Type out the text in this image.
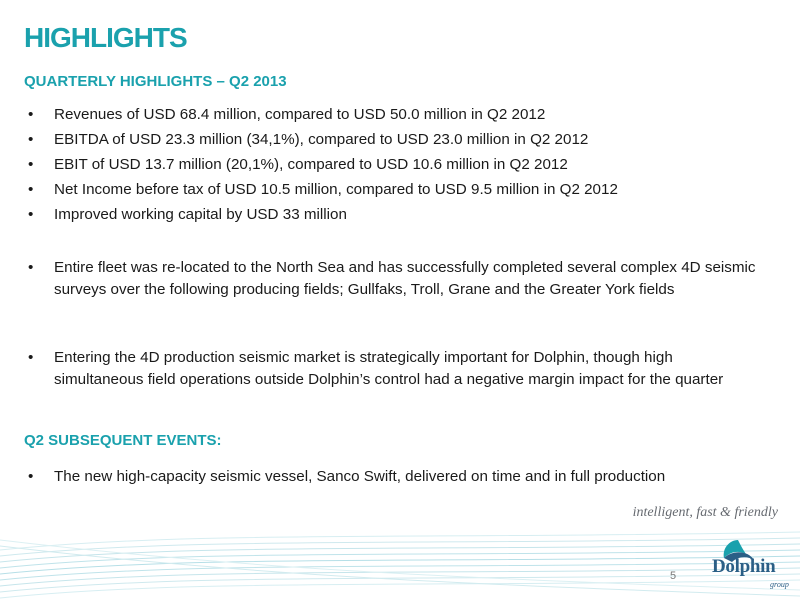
HIGHLIGHTS
QUARTERLY HIGHLIGHTS – Q2 2013
• Revenues of USD 68.4 million, compared to USD 50.0 million in Q2 2012
• EBITDA of USD 23.3 million (34,1%), compared to USD 23.0 million in Q2 2012
• EBIT of USD 13.7 million (20,1%), compared to USD 10.6 million in Q2 2012
• Net Income before tax of USD 10.5 million, compared to USD 9.5 million in Q2 2012
• Improved working capital by USD 33 million
• Entire fleet was re-located to the North Sea and has successfully completed several complex 4D seismic surveys over the following producing fields; Gullfaks, Troll, Grane and the Greater York fields
• Entering the 4D production seismic market is strategically important for Dolphin, though high simultaneous field operations outside Dolphin’s control had a negative margin impact for the quarter
Q2 SUBSEQUENT EVENTS:
• The new high-capacity seismic vessel, Sanco Swift, delivered on time and in full production
intelligent, fast & friendly
5 Dolphin
group
